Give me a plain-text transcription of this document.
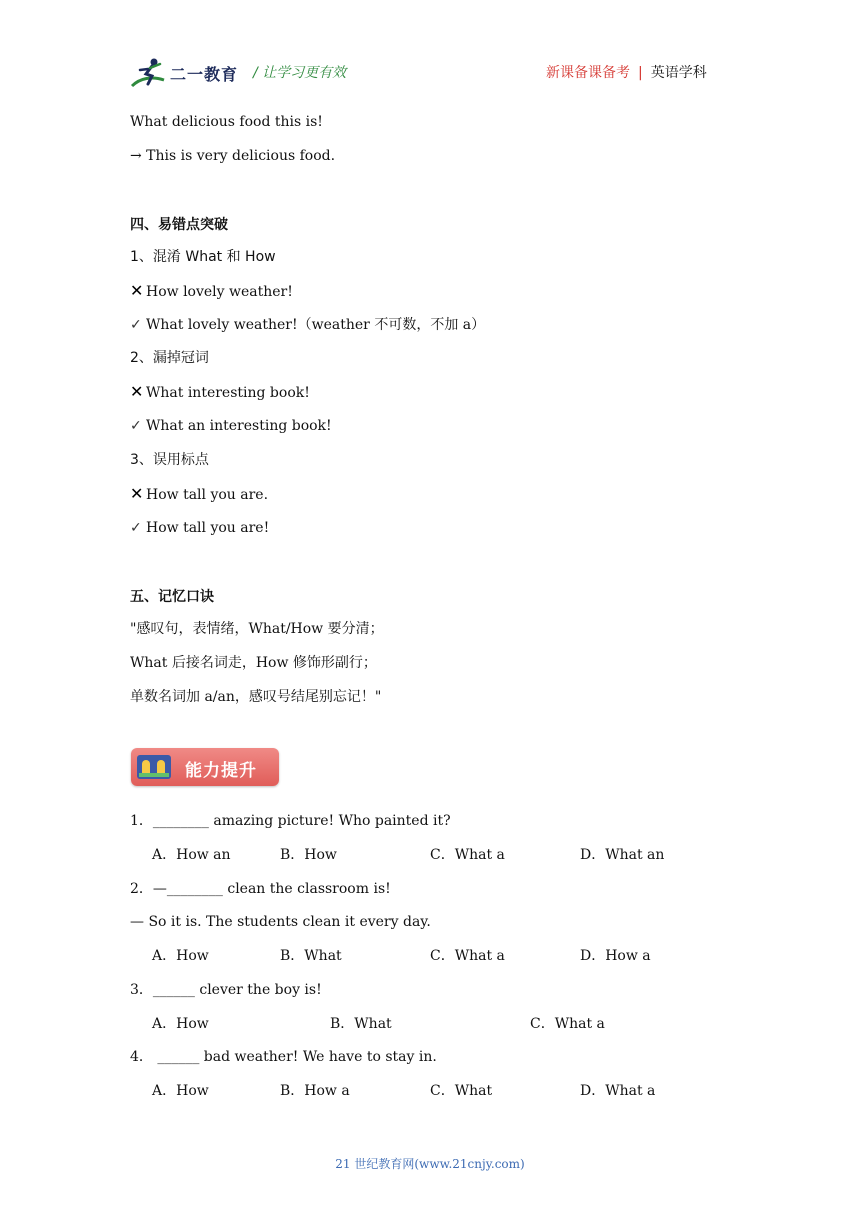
二一教育 / 让学习更有效	新课备课备考 | 英语学科
What delicious food this is!
→ This is very delicious food.
四、易错点突破
1、混淆 What 和 How
✕ How lovely weather!
✓ What lovely weather!（weather 不可数，不加 a）
2、漏掉冠词
✕ What interesting book!
✓ What an interesting book!
3、误用标点
✕ How tall you are.
✓ How tall you are!
五、记忆口诀
"感叹句，表情绪，What/How 要分清；
What 后接名词走，How 修饰形副行；
单数名词加 a/an，感叹号结尾别忘记！"
能力提升
1．________ amazing picture! Who painted it?
A．How an	B．How	C．What a	D．What an
2．—________ clean the classroom is!
— So it is. The students clean it every day.
A．How	B．What	C．What a	D．How a
3．______ clever the boy is!
A．How	B．What	C．What a
4． ______ bad weather! We have to stay in.
A．How	B．How a	C．What	D．What a
21 世纪教育网(www.21cnjy.com)
